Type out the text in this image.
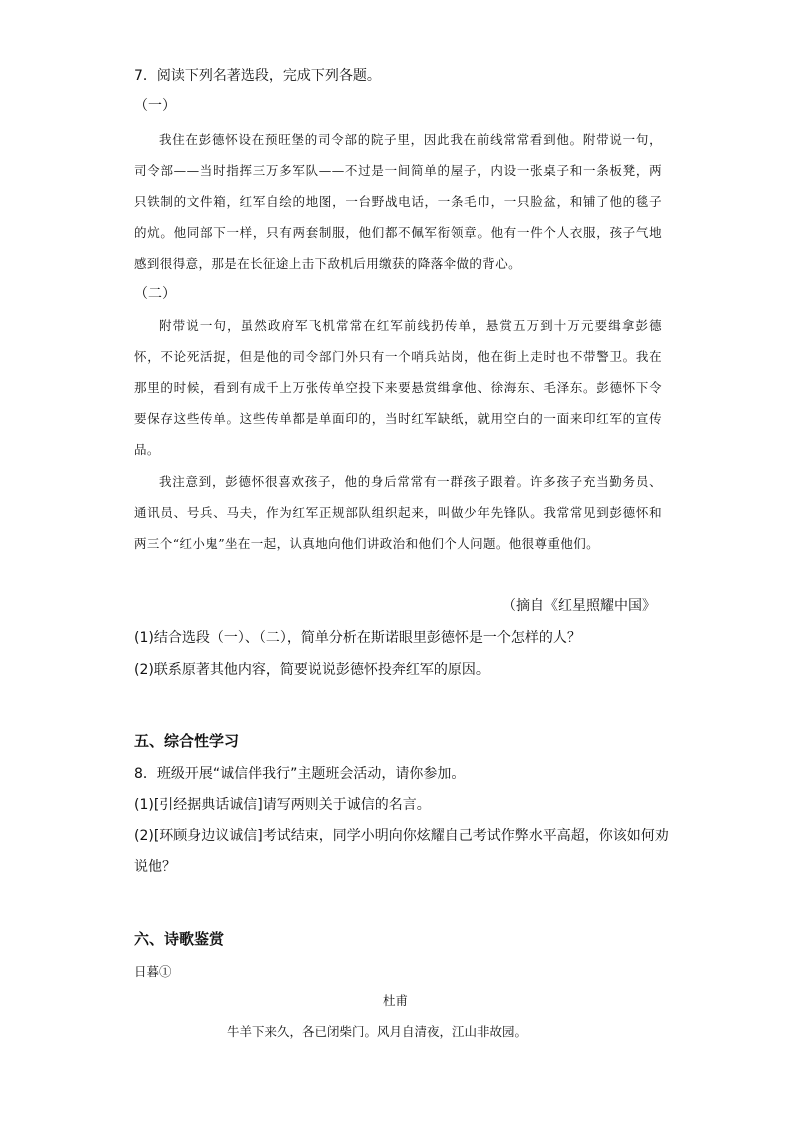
7．阅读下列名著选段，完成下列各题。
（一）
我住在彭德怀设在预旺堡的司令部的院子里，因此我在前线常常看到他。附带说一句，司令部——当时指挥三万多军队——不过是一间简单的屋子，内设一张桌子和一条板凳，两只铁制的文件箱，红军自绘的地图，一台野战电话，一条毛巾，一只脸盆，和铺了他的毯子的炕。他同部下一样，只有两套制服，他们都不佩军衔领章。他有一件个人衣服，孩子气地感到很得意，那是在长征途上击下敌机后用缴获的降落伞做的背心。
（二）
附带说一句，虽然政府军飞机常常在红军前线扔传单，悬赏五万到十万元要缉拿彭德怀，不论死活捉，但是他的司令部门外只有一个哨兵站岗，他在街上走时也不带警卫。我在那里的时候，看到有成千上万张传单空投下来要悬赏缉拿他、徐海东、毛泽东。彭德怀下令要保存这些传单。这些传单都是单面印的，当时红军缺纸，就用空白的一面来印红军的宣传品。
我注意到，彭德怀很喜欢孩子，他的身后常常有一群孩子跟着。许多孩子充当勤务员、通讯员、号兵、马夫，作为红军正规部队组织起来，叫做少年先锋队。我常常见到彭德怀和两三个“红小鬼”坐在一起，认真地向他们讲政治和他们个人问题。他很尊重他们。
（摘自《红星照耀中国》
(1)结合选段（一）、（二），简单分析在斯诺眼里彭德怀是一个怎样的人？
(2)联系原著其他内容，简要说说彭德怀投奔红军的原因。
五、综合性学习
8．班级开展“诚信伴我行”主题班会活动，请你参加。
(1)[引经据典话诚信]请写两则关于诚信的名言。
(2)[环顾身边议诚信]考试结束，同学小明向你炫耀自己考试作弊水平高超，你该如何劝
说他？
六、诗歌鉴赏
日暮①
杜甫
牛羊下来久，各已闭柴门。风月自清夜，江山非故园。
